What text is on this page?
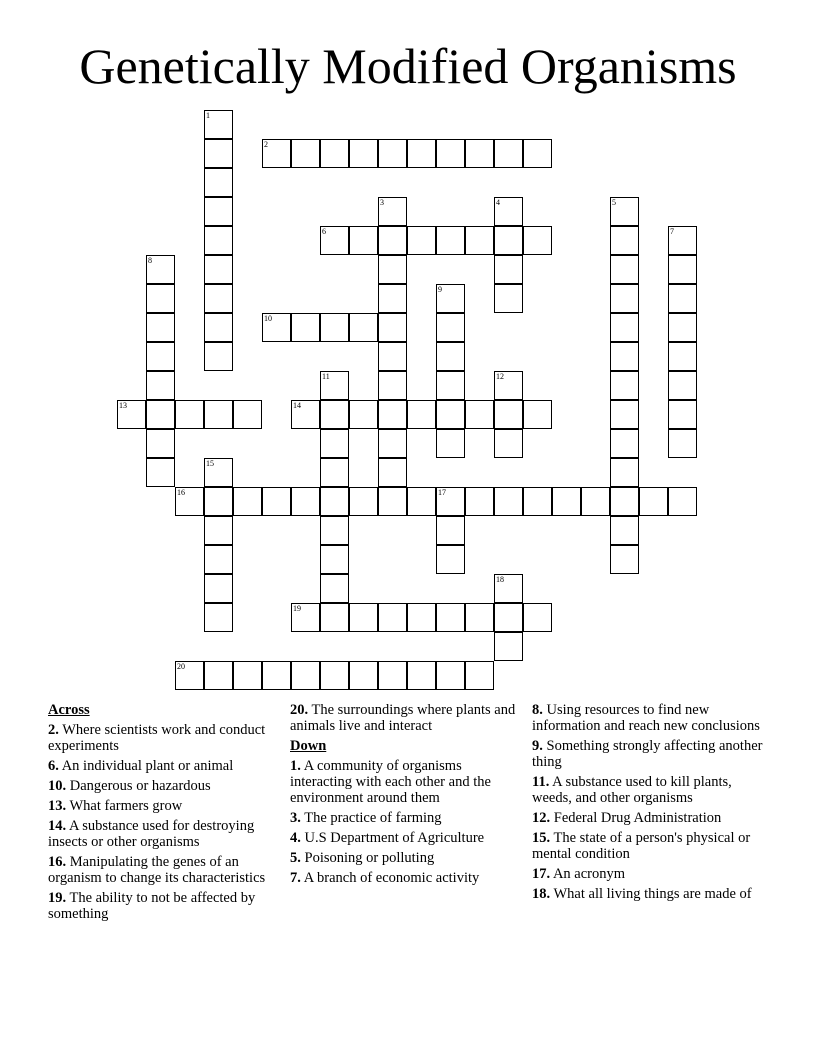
Genetically Modified Organisms
1
2
3	4	5
6	7
8
9
10
11	12
13	14
15
16	17
18
19
20
Across
2. Where scientists work and conduct experiments
6. An individual plant or animal
10. Dangerous or hazardous
13. What farmers grow
14. A substance used for destroying insects or other organisms
16. Manipulating the genes of an organism to change its characteristics
19. The ability to not be affected by something
20. The surroundings where plants and animals live and interact
Down
1. A community of organisms interacting with each other and the environment around them
3. The practice of farming
4. U.S Department of Agriculture
5. Poisoning or polluting
7. A branch of economic activity
8. Using resources to find new information and reach new conclusions
9. Something strongly affecting another thing
11. A substance used to kill plants, weeds, and other organisms
12. Federal Drug Administration
15. The state of a person's physical or mental condition
17. An acronym
18. What all living things are made of
